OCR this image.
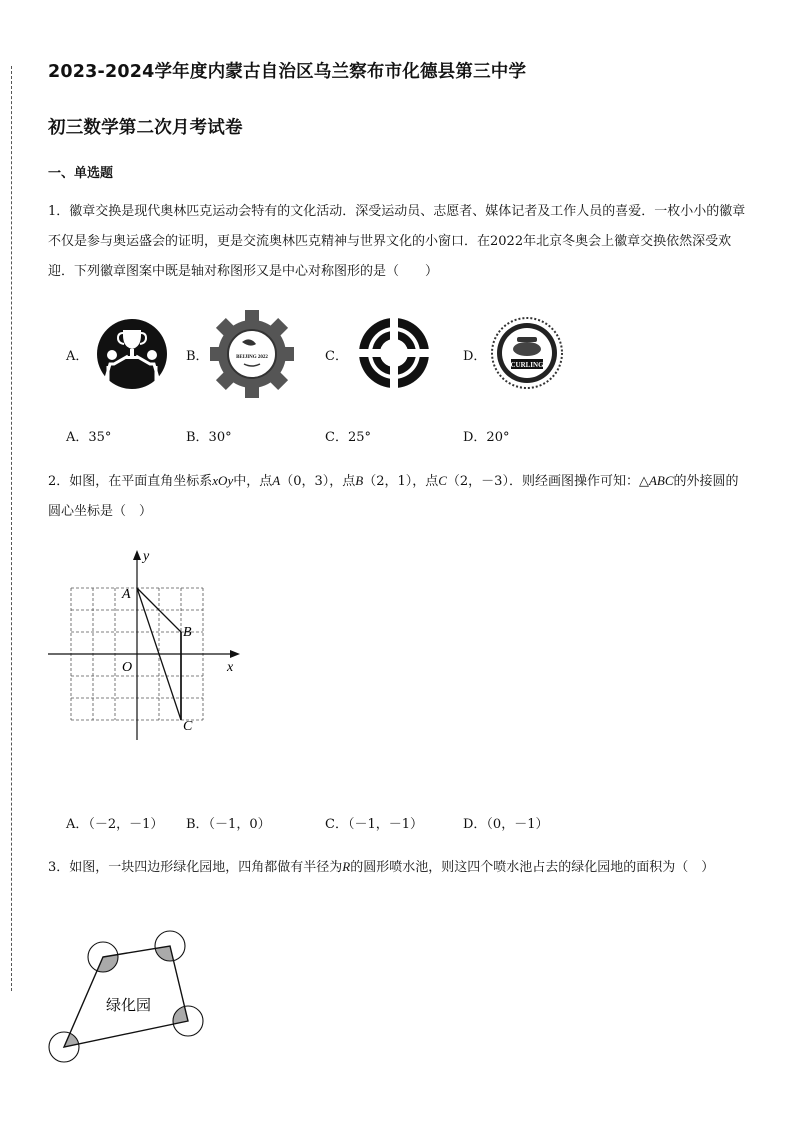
2023-2024学年度内蒙古自治区乌兰察布市化德县第三中学
初三数学第二次月考试卷
一、单选题
1．徽章交换是现代奥林匹克运动会特有的文化活动．深受运动员、志愿者、媒体记者及工作人员的喜爱．一枚小小的徽章不仅是参与奥运盛会的证明，更是交流奥林匹克精神与世界文化的小窗口．在2022年北京冬奥会上徽章交换依然深受欢迎．下列徽章图案中既是轴对称图形又是中心对称图形的是（　　）
A．	B．	BEIJING 2022	C．	D．
CURLING
A．35°	B．30°	C．25°	D．20°
2．如图，在平面直角坐标系xOy中，点A（0，3），点B（2，1），点C（2，－3）．则经画图操作可知：△ABC的外接圆的圆心坐标是（　）
y
x
O
A
B
C
A．（－2，－1） B．（－1，0）	C．（－1，－1）	D．（0，－1）
3．如图，一块四边形绿化园地，四角都做有半径为R的圆形喷水池，则这四个喷水池占去的绿化园地的面积为（　）
绿化园
